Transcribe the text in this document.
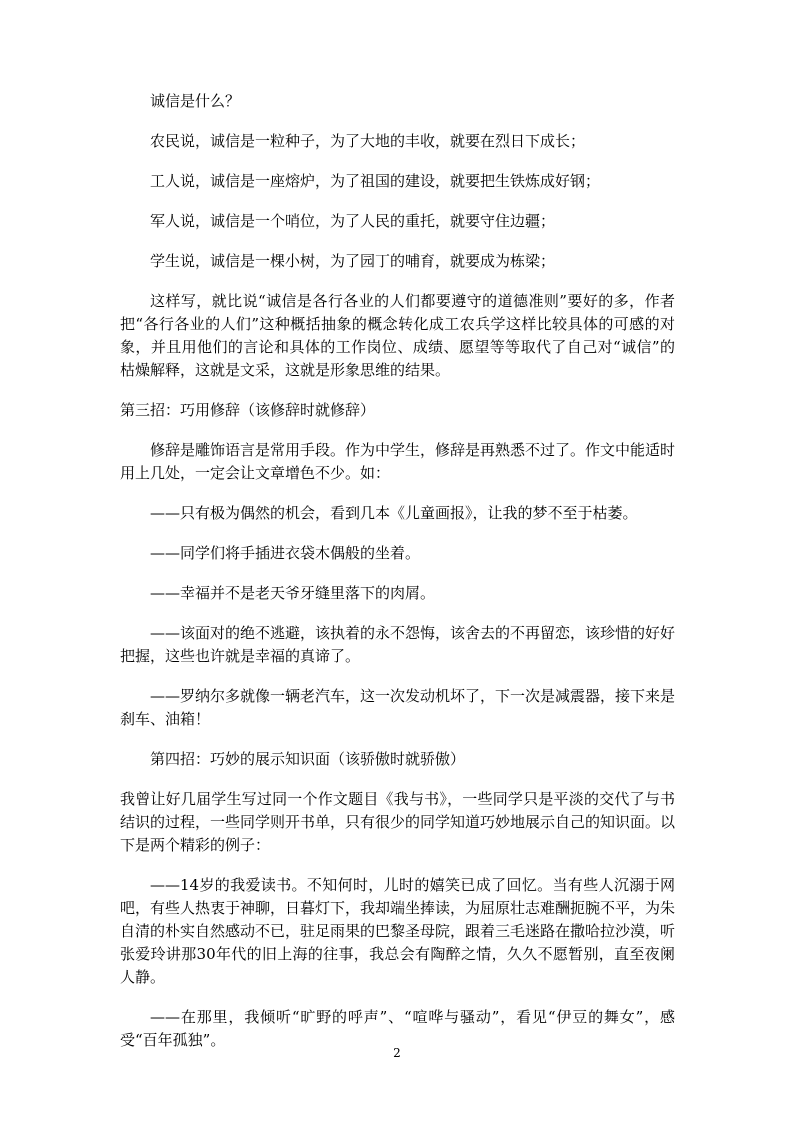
诚信是什么？

农民说，诚信是一粒种子，为了大地的丰收，就要在烈日下成长；

工人说，诚信是一座熔炉，为了祖国的建设，就要把生铁炼成好钢；

军人说，诚信是一个哨位，为了人民的重托，就要守住边疆；

学生说，诚信是一棵小树，为了园丁的哺育，就要成为栋梁；

这样写，就比说“诚信是各行各业的人们都要遵守的道德准则”要好的多，作者把“各行各业的人们”这种概括抽象的概念转化成工农兵学这样比较具体的可感的对象，并且用他们的言论和具体的工作岗位、成绩、愿望等等取代了自己对“诚信”的枯燥解释，这就是文采，这就是形象思维的结果。

第三招：巧用修辞（该修辞时就修辞）

修辞是雕饰语言是常用手段。作为中学生，修辞是再熟悉不过了。作文中能适时用上几处，一定会让文章增色不少。如：

——只有极为偶然的机会，看到几本《儿童画报》，让我的梦不至于枯萎。

——同学们将手插进衣袋木偶般的坐着。

——幸福并不是老天爷牙缝里落下的肉屑。

——该面对的绝不逃避，该执着的永不怨悔，该舍去的不再留恋，该珍惜的好好把握，这些也许就是幸福的真谛了。

——罗纳尔多就像一辆老汽车，这一次发动机坏了，下一次是减震器，接下来是刹车、油箱！

第四招：巧妙的展示知识面（该骄傲时就骄傲）

我曾让好几届学生写过同一个作文题目《我与书》，一些同学只是平淡的交代了与书结识的过程，一些同学则开书单，只有很少的同学知道巧妙地展示自己的知识面。以下是两个精彩的例子：

——14岁的我爱读书。不知何时，儿时的嬉笑已成了回忆。当有些人沉溺于网吧，有些人热衷于神聊，日暮灯下，我却端坐捧读，为屈原壮志难酬扼腕不平，为朱自清的朴实自然感动不已，驻足雨果的巴黎圣母院，跟着三毛迷路在撒哈拉沙漠，听张爱玲讲那30年代的旧上海的往事，我总会有陶醉之情，久久不愿暂别，直至夜阑人静。

——在那里，我倾听“旷野的呼声”、“喧哗与骚动”，看见“伊豆的舞女”，感受“百年孤独”。

2
